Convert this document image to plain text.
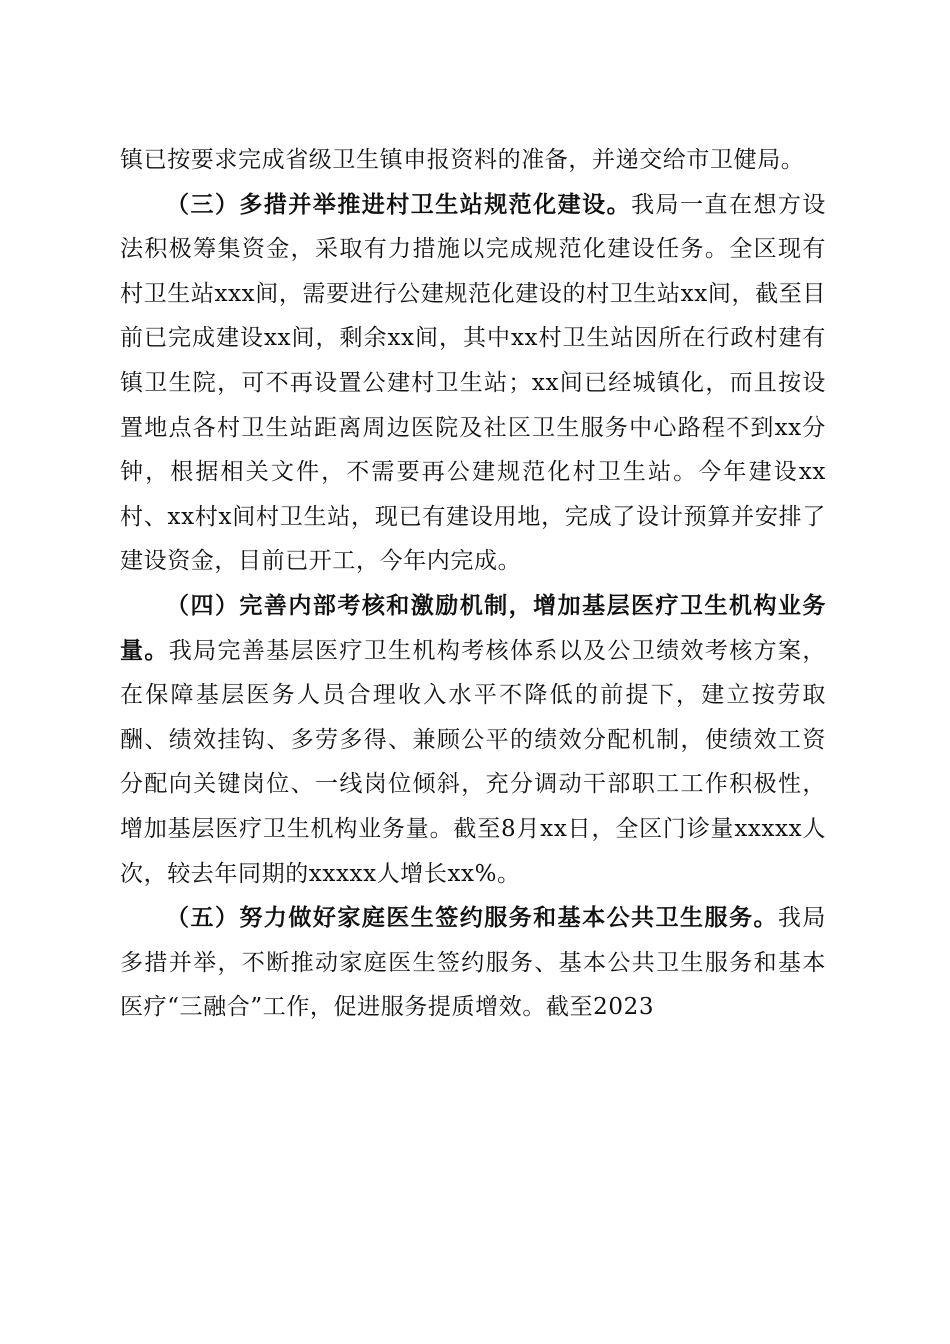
镇已按要求完成省级卫生镇申报资料的准备，并递交给市卫健局。

（三）多措并举推进村卫生站规范化建设。我局一直在想方设法积极筹集资金，采取有力措施以完成规范化建设任务。全区现有村卫生站xxx间，需要进行公建规范化建设的村卫生站xx间，截至目前已完成建设xx间，剩余xx间，其中xx村卫生站因所在行政村建有镇卫生院，可不再设置公建村卫生站；xx间已经城镇化，而且按设置地点各村卫生站距离周边医院及社区卫生服务中心路程不到xx分钟，根据相关文件，不需要再公建规范化村卫生站。今年建设xx村、xx村x间村卫生站，现已有建设用地，完成了设计预算并安排了建设资金，目前已开工，今年内完成。

（四）完善内部考核和激励机制，增加基层医疗卫生机构业务量。我局完善基层医疗卫生机构考核体系以及公卫绩效考核方案，在保障基层医务人员合理收入水平不降低的前提下，建立按劳取酬、绩效挂钩、多劳多得、兼顾公平的绩效分配机制，使绩效工资分配向关键岗位、一线岗位倾斜，充分调动干部职工工作积极性，增加基层医疗卫生机构业务量。截至8月xx日，全区门诊量xxxxx人次，较去年同期的xxxxx人增长xx%。

（五）努力做好家庭医生签约服务和基本公共卫生服务。我局多措并举，不断推动家庭医生签约服务、基本公共卫生服务和基本医疗“三融合”工作，促进服务提质增效。截至2023
